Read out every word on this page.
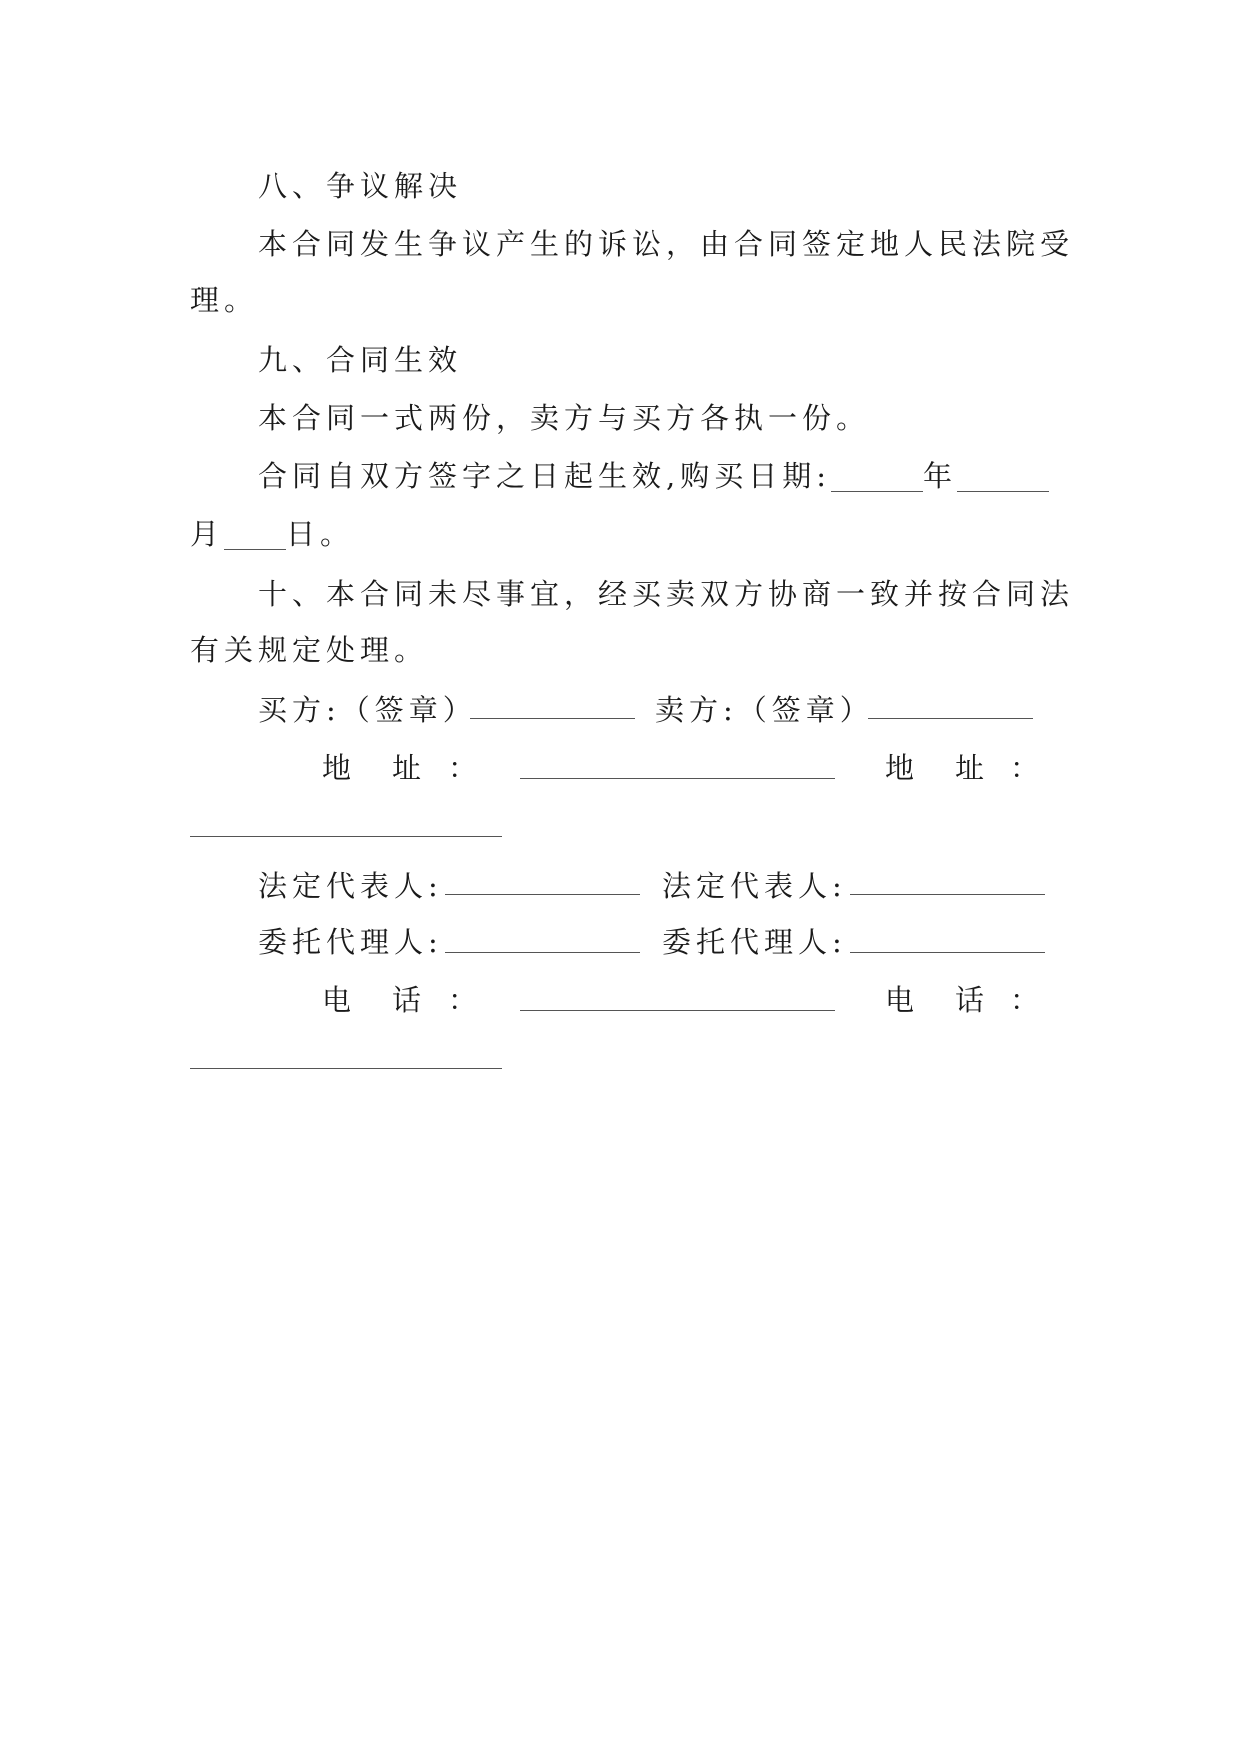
八、争议解决
本合同发生争议产生的诉讼，由合同签定地人民法院受
理。
九、合同生效
本合同一式两份，卖方与买方各执一份。
合同自双方签字之日起生效,购买日期:	年
月 日。
十、本合同未尽事宜，经买卖双方协商一致并按合同法
有关规定处理。
买方:（签章）	卖方:（签章）
地 址 ：	地 址 ：
法定代表人:	法定代表人:
委托代理人:	委托代理人:
电 话 ：	电 话 ：
